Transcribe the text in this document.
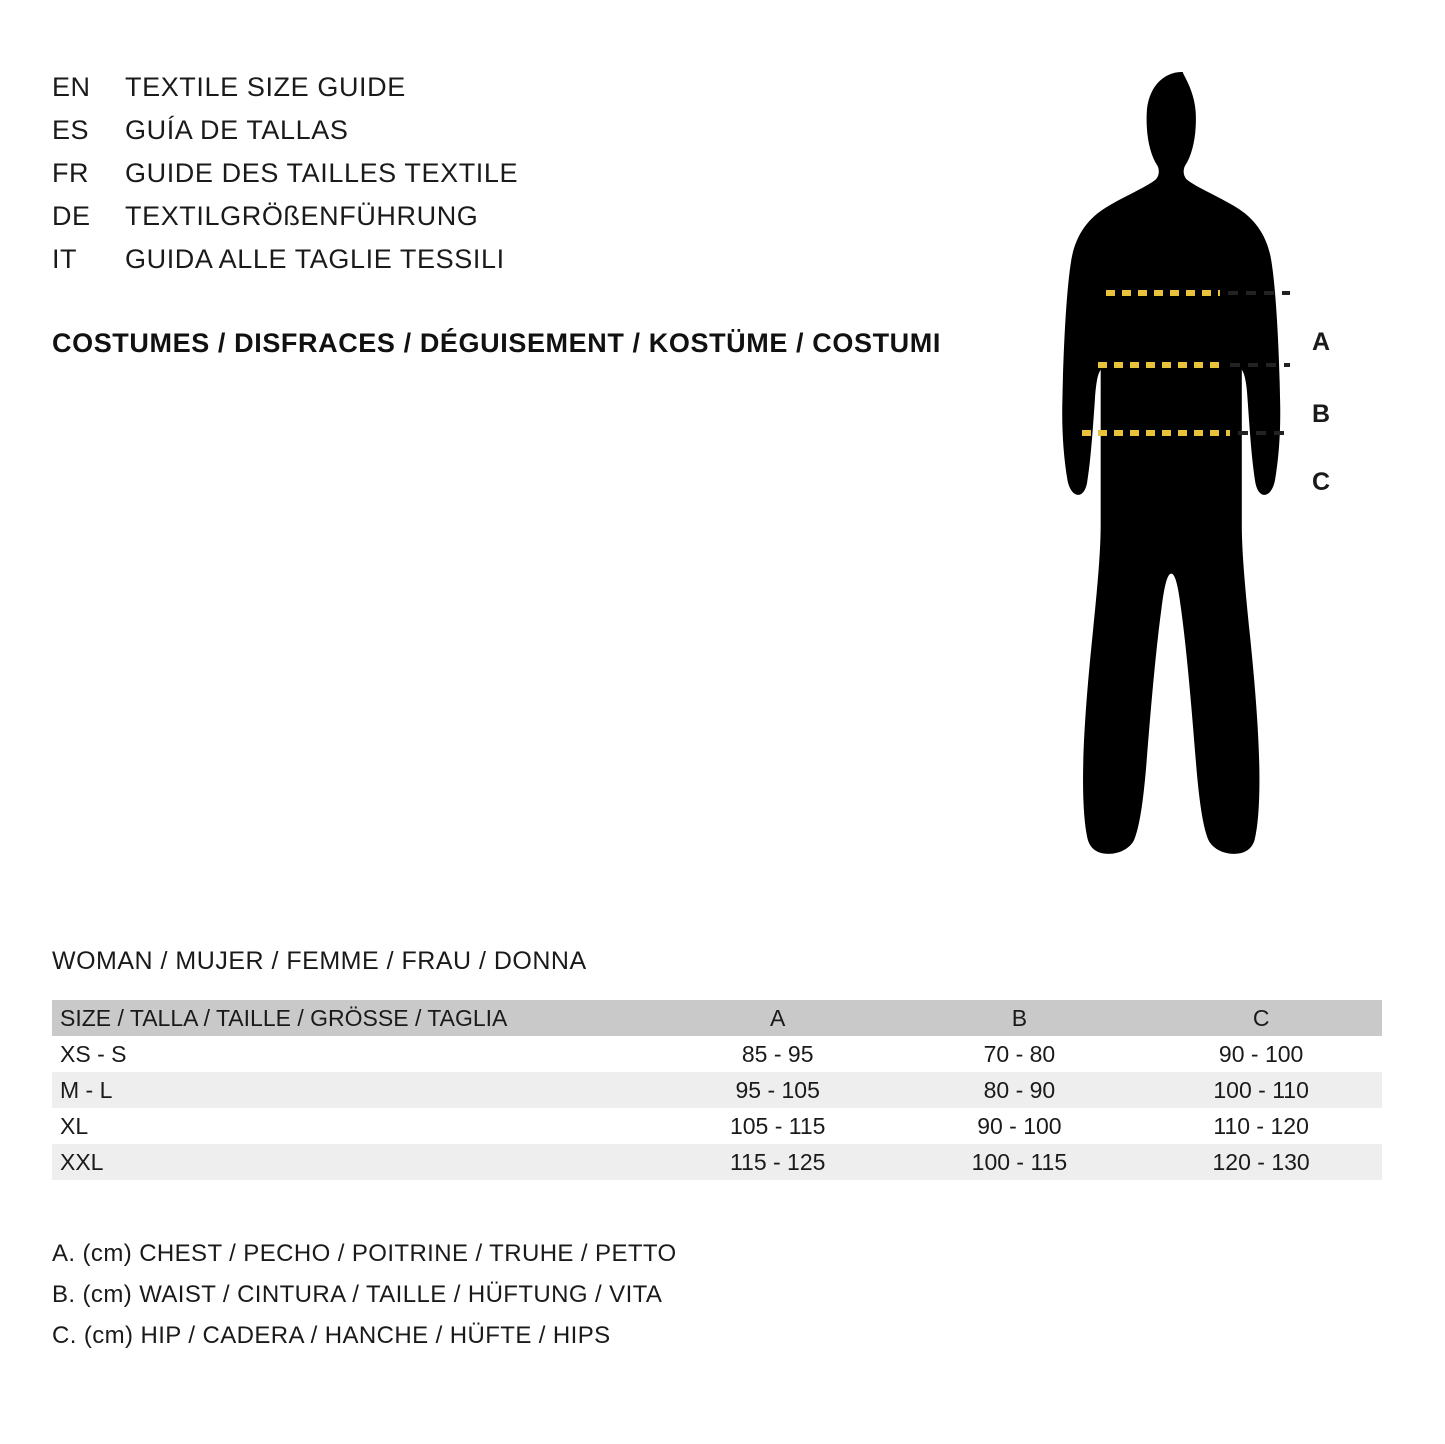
EN	TEXTILE SIZE GUIDE
ES	GUÍA DE TALLAS
FR	GUIDE DES TAILLES TEXTILE
DE	TEXTILGRÖßENFÜHRUNG
IT	GUIDA ALLE TAGLIE TESSILI
COSTUMES / DISFRACES / DÉGUISEMENT / KOSTÜME / COSTUMI	A
B
C
WOMAN / MUJER / FEMME / FRAU / DONNA
SIZE / TALLA / TAILLE / GRÖSSE / TAGLIA	A	B	C
XS - S	85 - 95	70 - 80	90 - 100
M - L	95 - 105	80 - 90	100 - 110
XL	105 - 115	90 - 100	110 - 120
XXL	115 - 125	100 - 115	120 - 130
A. (cm) CHEST / PECHO / POITRINE / TRUHE / PETTO
B. (cm) WAIST / CINTURA / TAILLE / HÜFTUNG / VITA
C. (cm) HIP / CADERA / HANCHE / HÜFTE / HIPS
